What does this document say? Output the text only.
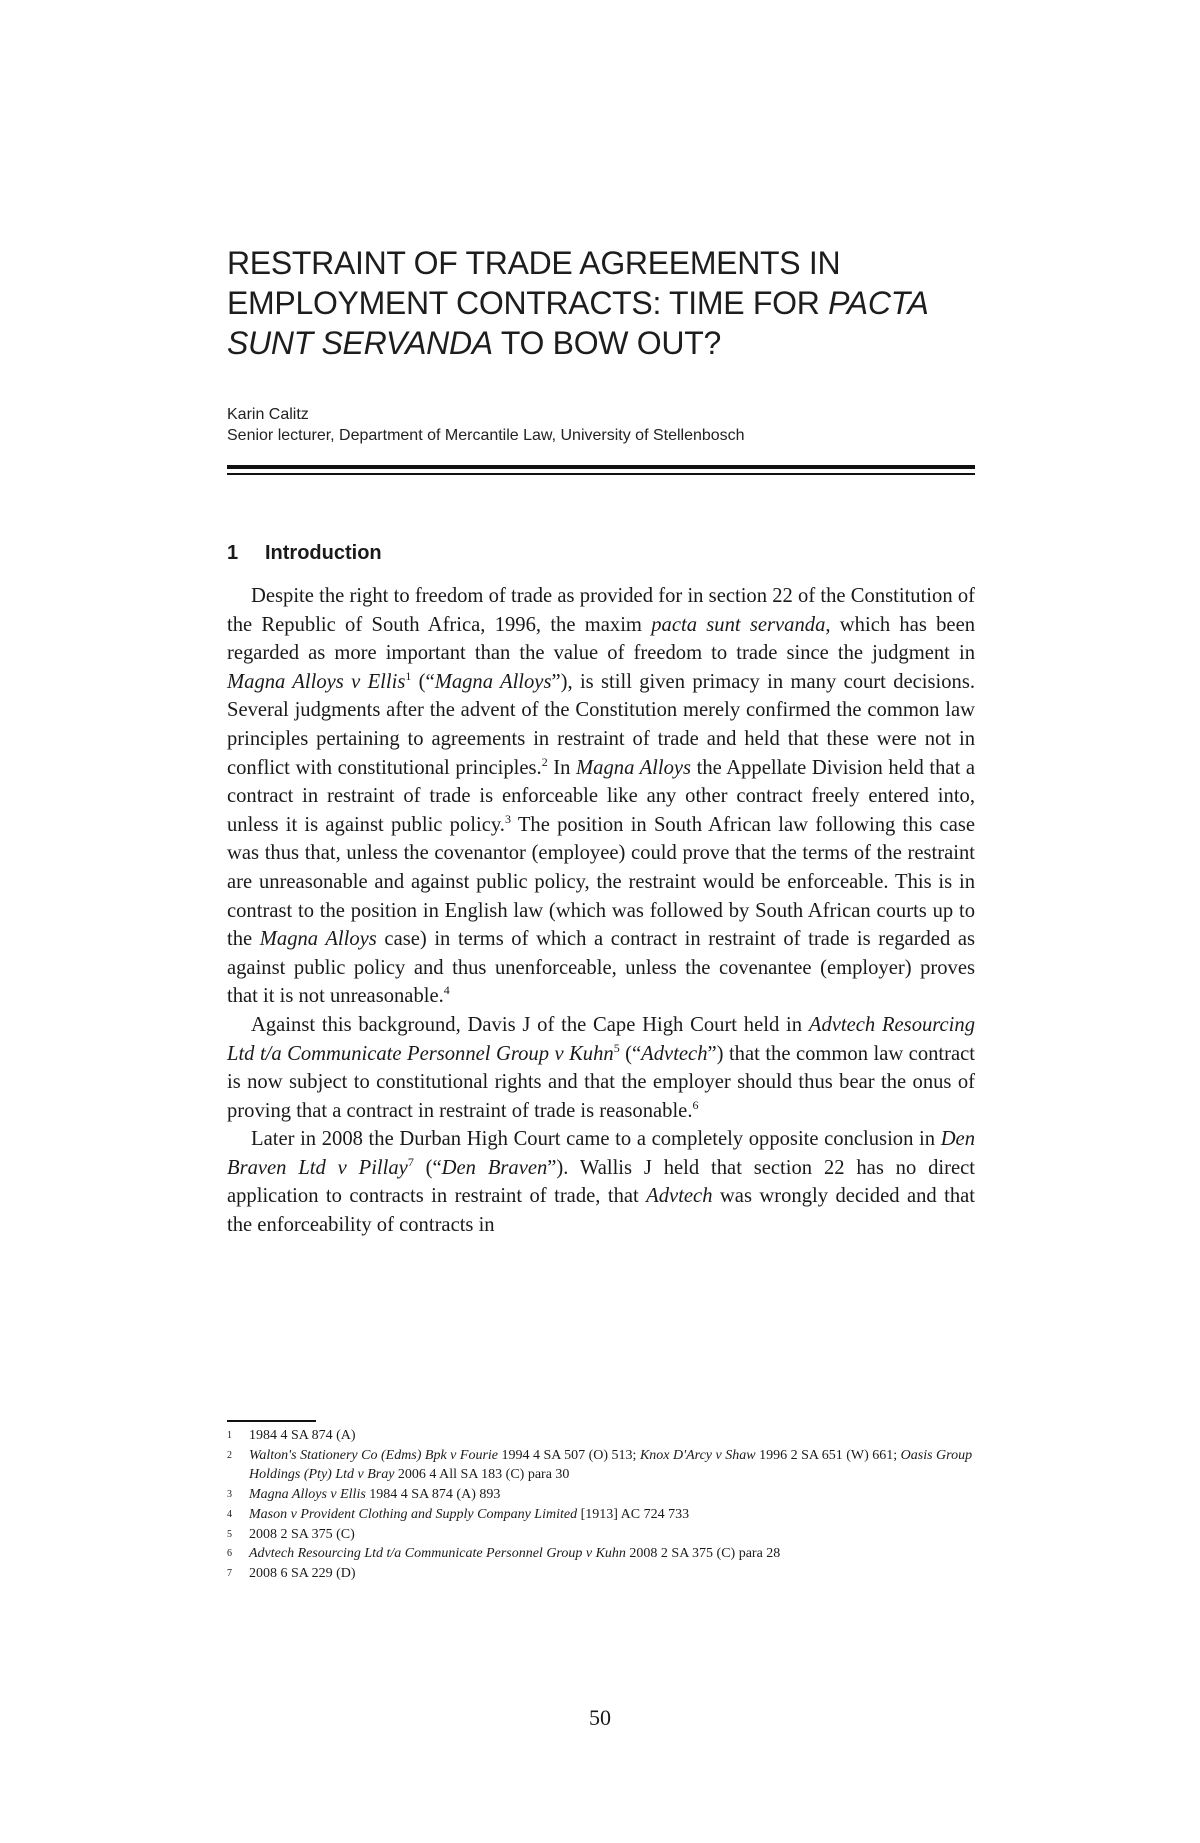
RESTRAINT OF TRADE AGREEMENTS IN
EMPLOYMENT CONTRACTS: TIME FOR PACTA
SUNT SERVANDA TO BOW OUT?
Karin Calitz
Senior lecturer, Department of Mercantile Law, University of Stellenbosch
1 Introduction

Despite the right to freedom of trade as provided for in section 22 of the Constitution of the Republic of South Africa, 1996, the maxim pacta sunt servanda, which has been regarded as more important than the value of freedom to trade since the judgment in Magna Alloys v Ellis$^1$ (“Magna Alloys”), is still given primacy in many court decisions. Several judgments after the advent of the Constitution merely confirmed the common law principles pertaining to agreements in restraint of trade and held that these were not in conflict with constitutional principles.$^2$ In Magna Alloys the Appellate Division held that a contract in restraint of trade is enforceable like any other contract freely entered into, unless it is against public policy.$^3$ The position in South African law following this case was thus that, unless the covenantor (employee) could prove that the terms of the restraint are unreasonable and against public policy, the restraint would be enforceable. This is in contrast to the position in English law (which was followed by South African courts up to the Magna Alloys case) in terms of which a contract in restraint of trade is regarded as against public policy and thus unenforceable, unless the covenantee (employer) proves that it is not unreasonable.$^4$

Against this background, Davis J of the Cape High Court held in Advtech Resourcing Ltd t/a Communicate Personnel Group v Kuhn$^5$ (“Advtech”) that the common law contract is now subject to constitutional rights and that the employer should thus bear the onus of proving that a contract in restraint of trade is reasonable.$^6$

Later in 2008 the Durban High Court came to a completely opposite conclusion in Den Braven Ltd v Pillay$^7$ (“Den Braven”). Wallis J held that section 22 has no direct application to contracts in restraint of trade, that Advtech was wrongly decided and that the enforceability of contracts in

1	1984 4 SA 874 (A)
2	Walton's Stationery Co (Edms) Bpk v Fourie 1994 4 SA 507 (O) 513; Knox D'Arcy v Shaw 1996 2 SA 651 (W) 661; Oasis Group Holdings (Pty) Ltd v Bray 2006 4 All SA 183 (C) para 30
3	Magna Alloys v Ellis 1984 4 SA 874 (A) 893
4	Mason v Provident Clothing and Supply Company Limited [1913] AC 724 733
5	2008 2 SA 375 (C)
6	Advtech Resourcing Ltd t/a Communicate Personnel Group v Kuhn 2008 2 SA 375 (C) para 28
7	2008 6 SA 229 (D)
50
